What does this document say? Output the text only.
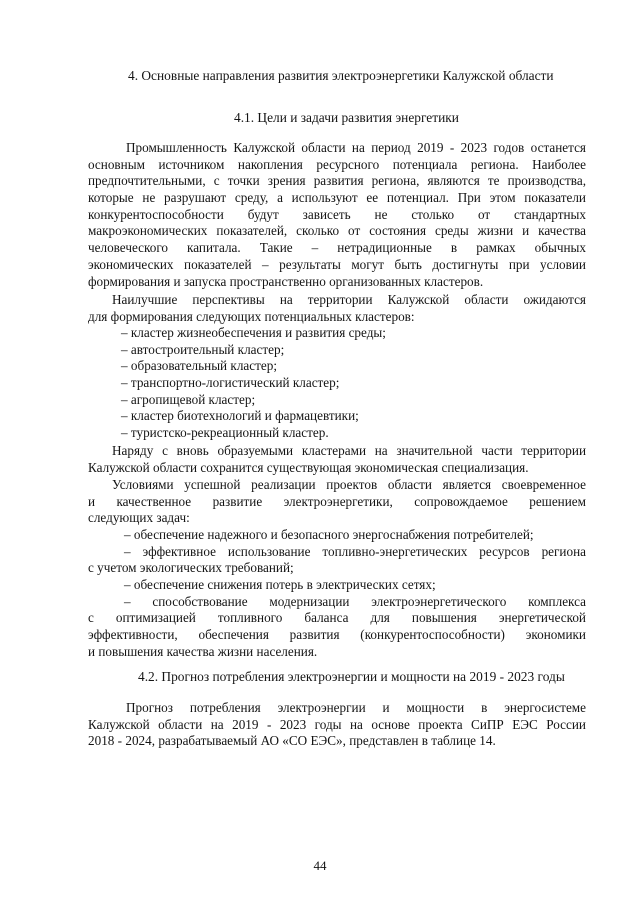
4. Основные направления развития электроэнергетики Калужской области
4.1. Цели и задачи развития энергетики
Промышленность Калужской области на период 2019 - 2023 годов останется
основным источником накопления ресурсного потенциала региона. Наиболее
предпочтительными, с точки зрения развития региона, являются те производства,
которые не разрушают среду, а используют ее потенциал. При этом показатели
конкурентоспособности будут зависеть не столько от стандартных
макроэкономических показателей, сколько от состояния среды жизни и качества
человеческого капитала. Такие – нетрадиционные в рамках обычных
экономических показателей – результаты могут быть достигнуты при условии
формирования и запуска пространственно организованных кластеров.
Наилучшие перспективы на территории Калужской области ожидаются
для формирования следующих потенциальных кластеров:
– кластер жизнеобеспечения и развития среды;
– автостроительный кластер;
– образовательный кластер;
– транспортно-логистический кластер;
– агропищевой кластер;
– кластер биотехнологий и фармацевтики;
– туристско-рекреационный кластер.
Наряду с вновь образуемыми кластерами на значительной части территории
Калужской области сохранится существующая экономическая специализация.
Условиями успешной реализации проектов области является своевременное
и качественное развитие электроэнергетики, сопровождаемое решением
следующих задач:
– обеспечение надежного и безопасного энергоснабжения потребителей;
– эффективное использование топливно-энергетических ресурсов региона
с учетом экологических требований;
– обеспечение снижения потерь в электрических сетях;
– способствование модернизации электроэнергетического комплекса
с оптимизацией топливного баланса для повышения энергетической
эффективности, обеспечения развития (конкурентоспособности) экономики
и повышения качества жизни населения.
4.2. Прогноз потребления электроэнергии и мощности на 2019 - 2023 годы
Прогноз потребления электроэнергии и мощности в энергосистеме
Калужской области на 2019 - 2023 годы на основе проекта СиПР ЕЭС России
2018 - 2024, разрабатываемый АО «СО ЕЭС», представлен в таблице 14.
44
